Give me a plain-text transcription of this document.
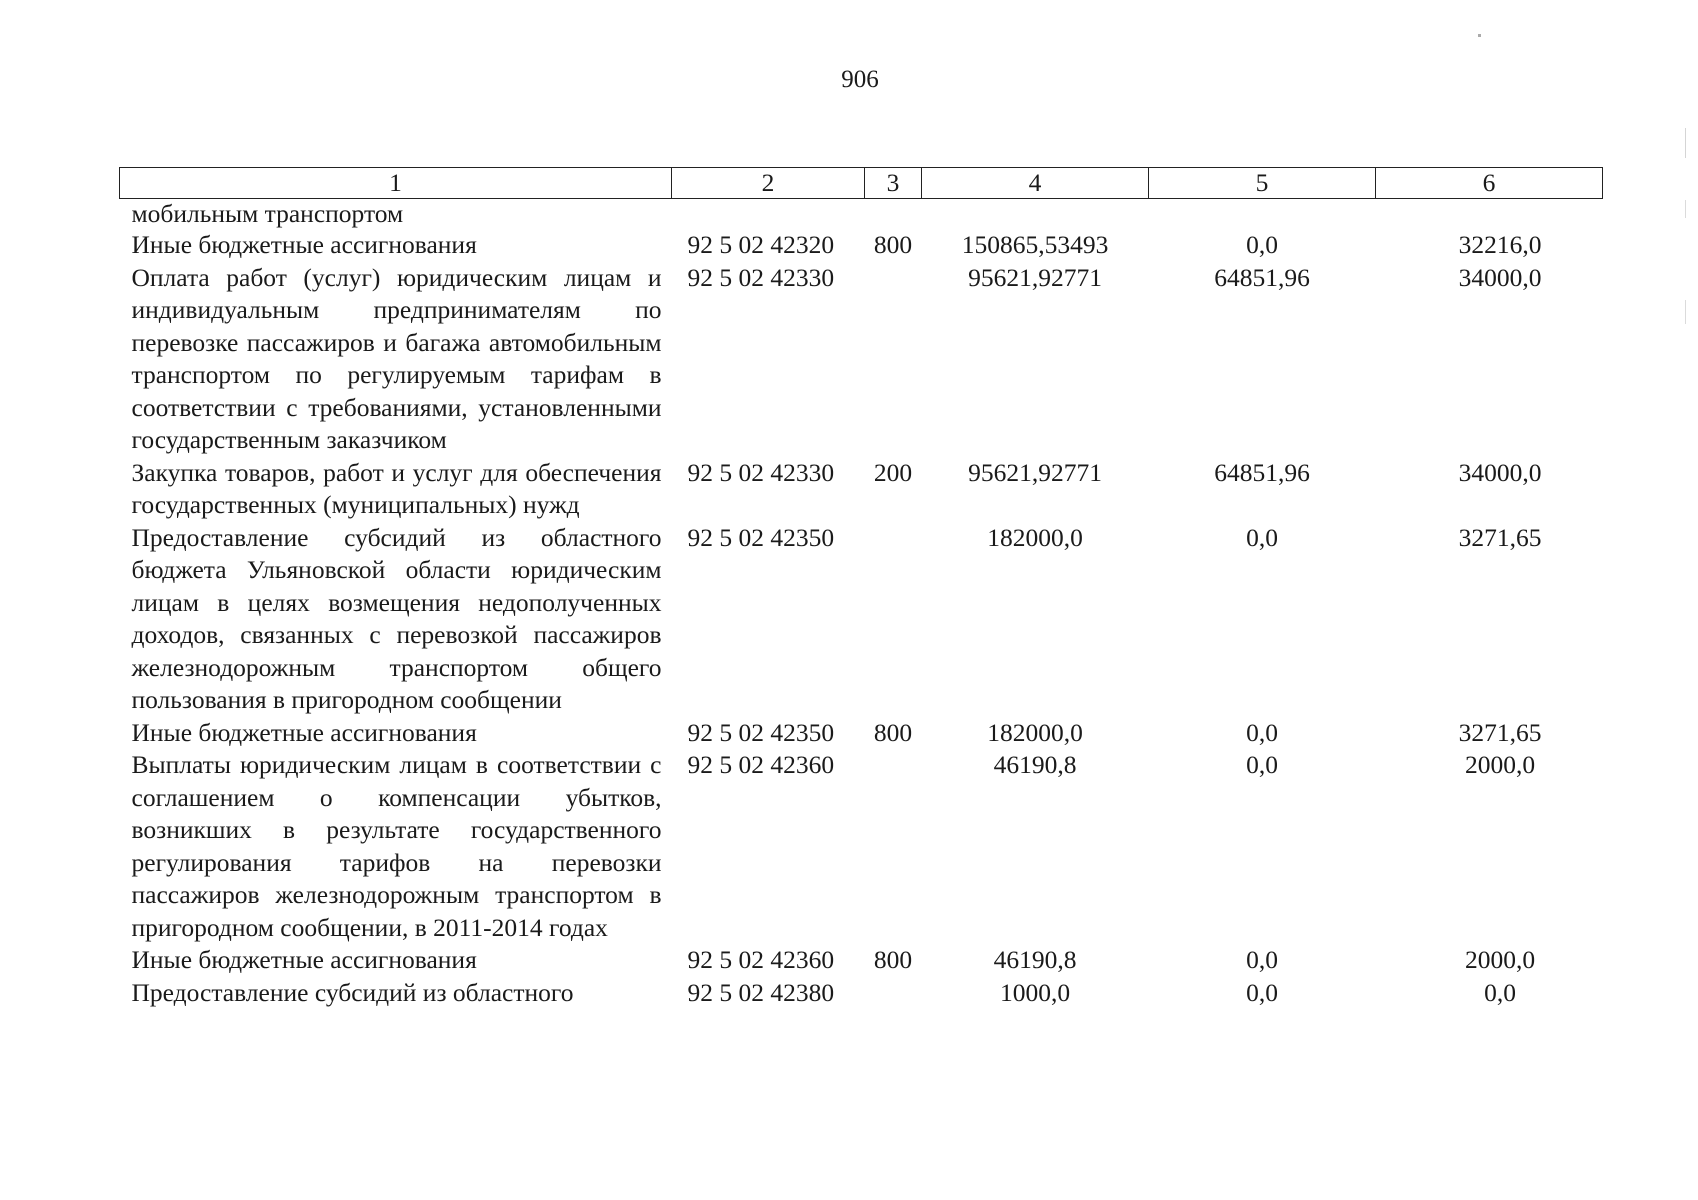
906
1	2	3	4	5	6
мобильным транспортом					
Иные бюджетные ассигнования	92 5 02 42320	800	150865,53493	0,0	32216,0
Оплата работ (услуг) юридическим лицам и индивидуальным предпринимателям по перевозке пассажиров и багажа автомобильным транспортом по регулируемым тарифам в соответствии с требованиями, установленными государственным заказчиком	92 5 02 42330		95621,92771	64851,96	34000,0
Закупка товаров, работ и услуг для обеспечения государственных (муниципальных) нужд	92 5 02 42330	200	95621,92771	64851,96	34000,0
Предоставление субсидий из областного бюджета Ульяновской области юридическим лицам в целях возмещения недополученных доходов, связанных с перевозкой пассажиров железнодорожным транспортом общего пользования в пригородном сообщении	92 5 02 42350		182000,0	0,0	3271,65
Иные бюджетные ассигнования	92 5 02 42350	800	182000,0	0,0	3271,65
Выплаты юридическим лицам в соответствии с соглашением о компенсации убытков, возникших в результате государственного регулирования тарифов на перевозки пассажиров железнодорожным транспортом в пригородном сообщении, в 2011-2014 годах	92 5 02 42360		46190,8	0,0	2000,0
Иные бюджетные ассигнования	92 5 02 42360	800	46190,8	0,0	2000,0
Предоставление субсидий из областного	92 5 02 42380		1000,0	0,0	0,0
